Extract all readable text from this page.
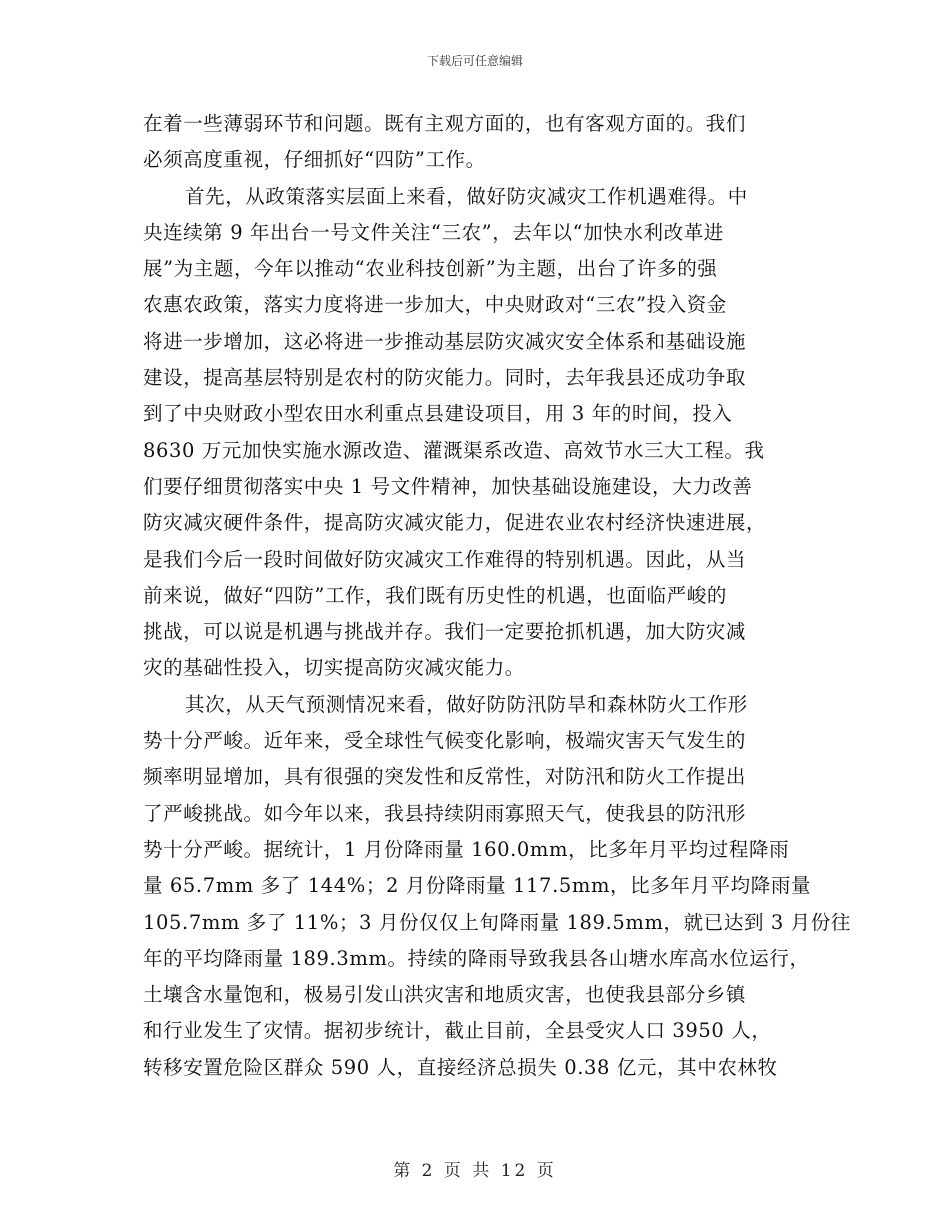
下载后可任意编辑

在着一些薄弱环节和问题。既有主观方面的，也有客观方面的。我们
必须高度重视，仔细抓好“四防”工作。

首先，从政策落实层面上来看，做好防灾减灾工作机遇难得。中
央连续第 9 年出台一号文件关注“三农”，去年以“加快水利改革进
展”为主题，今年以推动“农业科技创新”为主题，出台了许多的强
农惠农政策，落实力度将进一步加大，中央财政对“三农”投入资金
将进一步增加，这必将进一步推动基层防灾减灾安全体系和基础设施
建设，提高基层特别是农村的防灾能力。同时，去年我县还成功争取
到了中央财政小型农田水利重点县建设项目，用 3 年的时间，投入
8630 万元加快实施水源改造、灌溉渠系改造、高效节水三大工程。我
们要仔细贯彻落实中央 1 号文件精神，加快基础设施建设，大力改善
防灾减灾硬件条件，提高防灾减灾能力，促进农业农村经济快速进展，
是我们今后一段时间做好防灾减灾工作难得的特别机遇。因此，从当
前来说，做好“四防”工作，我们既有历史性的机遇，也面临严峻的
挑战，可以说是机遇与挑战并存。我们一定要抢抓机遇，加大防灾减
灾的基础性投入，切实提高防灾减灾能力。

其次，从天气预测情况来看，做好防防汛防旱和森林防火工作形
势十分严峻。近年来，受全球性气候变化影响，极端灾害天气发生的
频率明显增加，具有很强的突发性和反常性，对防汛和防火工作提出
了严峻挑战。如今年以来，我县持续阴雨寡照天气，使我县的防汛形
势十分严峻。据统计，1 月份降雨量 160.0mm，比多年月平均过程降雨
量 65.7mm 多了 144%；2 月份降雨量 117.5mm，比多年月平均降雨量
105.7mm 多了 11%；3 月份仅仅上旬降雨量 189.5mm，就已达到 3 月份往
年的平均降雨量 189.3mm。持续的降雨导致我县各山塘水库高水位运行，
土壤含水量饱和，极易引发山洪灾害和地质灾害，也使我县部分乡镇
和行业发生了灾情。据初步统计，截止目前，全县受灾人口 3950 人，
转移安置危险区群众 590 人，直接经济总损失 0.38 亿元，其中农林牧

第 2 页 共 12 页
